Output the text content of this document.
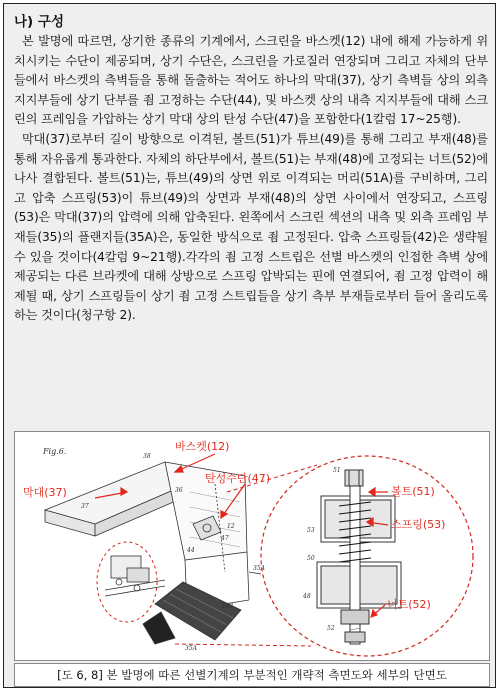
나) 구성

본 발명에 따르면, 상기한 종류의 기계에서, 스크린을 바스켓(12) 내에 해제 가능하게 위치시키는 수단이 제공되며, 상기 수단은, 스크린을 가로질러 연장되며 그리고 자체의 단부들에서 바스켓의 측벽들을 통해 돌출하는 적어도 하나의 막대(37), 상기 측벽들 상의 외측 지지부들에 상기 단부를 죔 고정하는 수단(44), 및 바스켓 상의 내측 지지부들에 대해 스크린의 프레임을 가압하는 상기 막대 상의 탄성 수단(47)을 포함한다(1칼럼 17~25행).

막대(37)로부터 길이 방향으로 이격된, 볼트(51)가 튜브(49)를 통해 그리고 부재(48)를 통해 자유롭게 통과한다. 자체의 하단부에서, 볼트(51)는 부재(48)에 고정되는 너트(52)에 나사 결합된다. 볼트(51)는, 튜브(49)의 상면 위로 이격되는 머리(51A)를 구비하며, 그리고 압축 스프링(53)이 튜브(49)의 상면과 부재(48)의 상면 사이에서 연장되고, 스프링(53)은 막대(37)의 압력에 의해 압축된다. 왼쪽에서 스크린 섹션의 내측 및 외측 프레임 부재들(35)의 플랜지들(35A)은, 동일한 방식으로 죔 고정된다. 압축 스프링들(42)은 생략될 수 있을 것이다(4칼럼 9~21행).각각의 죔 고정 스트립은 선별 바스켓의 인접한 측벽 상에 제공되는 다른 브라켓에 대해 상방으로 스프링 압박되는 핀에 연결되어, 죔 고정 압력이 해제될 때, 상기 스프링들이 상기 죔 고정 스트립들을 상기 측부 부재들로부터 들어 올리도록 하는 것이다(청구항 2).

Fig.6.
38
37
36
47
12
44
35A
35B
35A
51
53
50
52
48
바스켓(12)
막대(37)
탄성수단(47)
볼트(51)
스프링(53)
너트(52)
[도 6, 8] 본 발명에 따른 선별기계의 부분적인 개략적 측면도와 세부의 단면도
